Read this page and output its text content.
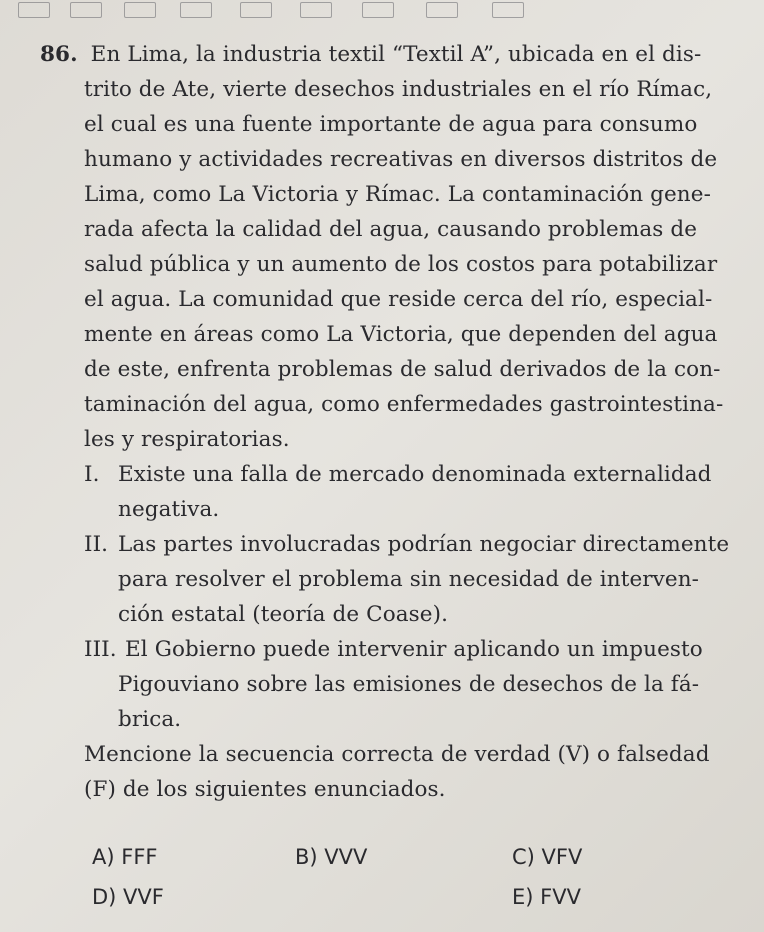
86. En Lima, la industria textil “Textil A”, ubicada en el dis-
trito de Ate, vierte desechos industriales en el río Rímac,
el cual es una fuente importante de agua para consumo
humano y actividades recreativas en diversos distritos de
Lima, como La Victoria y Rímac. La contaminación gene-
rada afecta la calidad del agua, causando problemas de
salud pública y un aumento de los costos para potabilizar
el agua. La comunidad que reside cerca del río, especial-
mente en áreas como La Victoria, que dependen del agua
de este, enfrenta problemas de salud derivados de la con-
taminación del agua, como enfermedades gastrointestina-
les y respiratorias.
I. Existe una falla de mercado denominada externalidad
negativa.
II. Las partes involucradas podrían negociar directamente
para resolver el problema sin necesidad de interven-
ción estatal (teoría de Coase).
III. El Gobierno puede intervenir aplicando un impuesto
Pigouviano sobre las emisiones de desechos de la fá-
brica.
Mencione la secuencia correcta de verdad (V) o falsedad
(F) de los siguientes enunciados.
A) FFF	B) VVV	C) VFV
D) VVF	E) FVV
